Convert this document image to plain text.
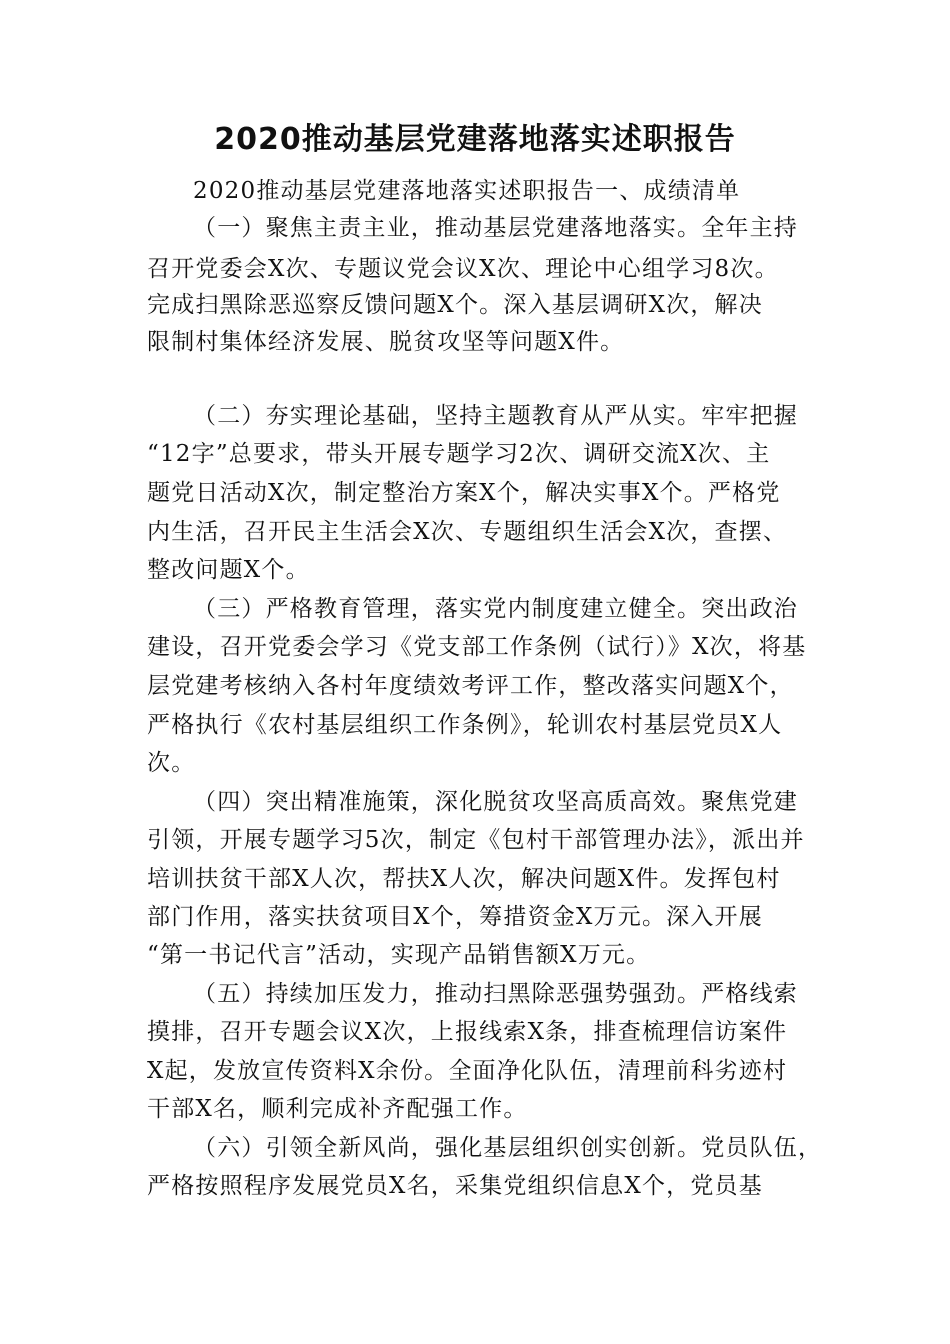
2020推动基层党建落地落实述职报告
2020推动基层党建落地落实述职报告一、成绩清单
（一）聚焦主责主业，推动基层党建落地落实。全年主持
召开党委会X次、专题议党会议X次、理论中心组学习8次。
完成扫黑除恶巡察反馈问题X个。深入基层调研X次，解决
限制村集体经济发展、脱贫攻坚等问题X件。
（二）夯实理论基础，坚持主题教育从严从实。牢牢把握
“12字”总要求，带头开展专题学习2次、调研交流X次、主
题党日活动X次，制定整治方案X个，解决实事X个。严格党
内生活，召开民主生活会X次、专题组织生活会X次，查摆、
整改问题X个。
（三）严格教育管理，落实党内制度建立健全。突出政治
建设，召开党委会学习《党支部工作条例（试行）》X次，将基
层党建考核纳入各村年度绩效考评工作，整改落实问题X个，
严格执行《农村基层组织工作条例》，轮训农村基层党员X人
次。
（四）突出精准施策，深化脱贫攻坚高质高效。聚焦党建
引领，开展专题学习5次，制定《包村干部管理办法》，派出并
培训扶贫干部X人次，帮扶X人次，解决问题X件。发挥包村
部门作用，落实扶贫项目X个，筹措资金X万元。深入开展
“第一书记代言”活动，实现产品销售额X万元。
（五）持续加压发力，推动扫黑除恶强势强劲。严格线索
摸排，召开专题会议X次，上报线索X条，排查梳理信访案件
X起，发放宣传资料X余份。全面净化队伍，清理前科劣迹村
干部X名，顺利完成补齐配强工作。
（六）引领全新风尚，强化基层组织创实创新。党员队伍，
严格按照程序发展党员X名，采集党组织信息X个，党员基
